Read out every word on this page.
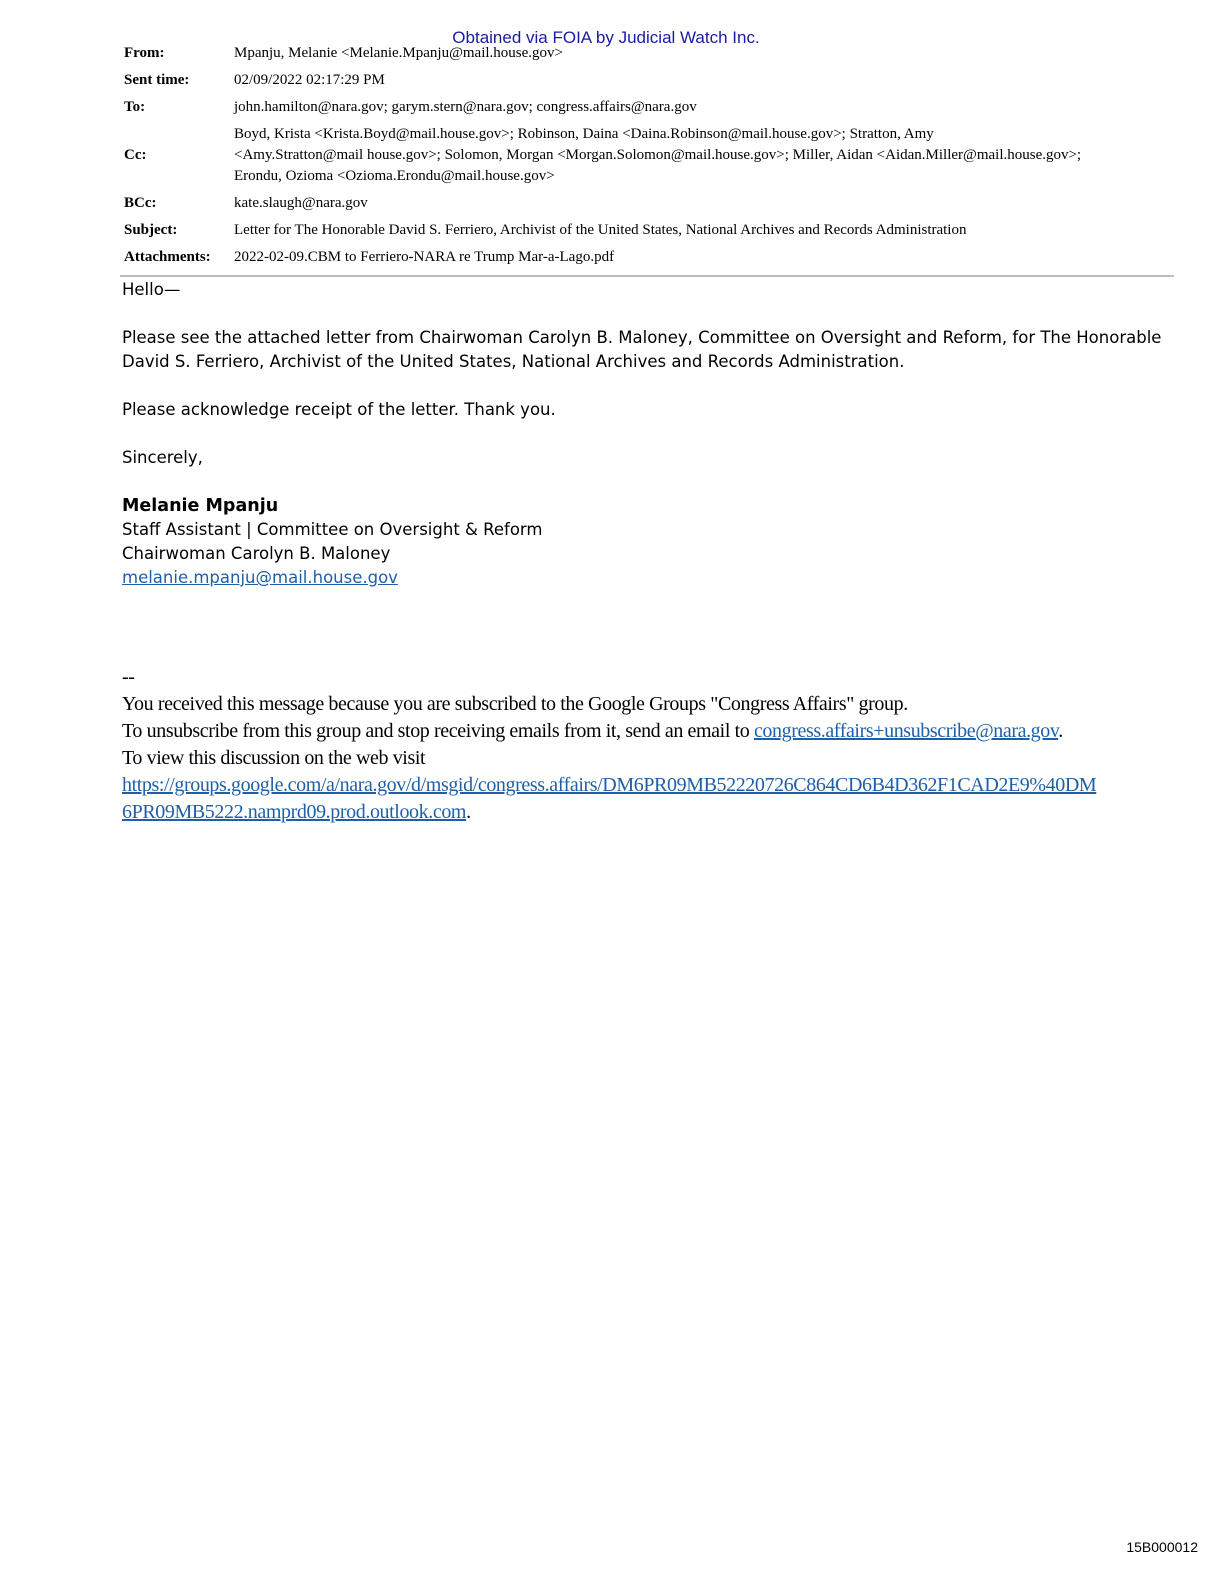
Obtained via FOIA by Judicial Watch Inc.
From:	Mpanju, Melanie <Melanie.Mpanju@mail.house.gov>
Sent time:	02/09/2022 02:17:29 PM
To:	john.hamilton@nara.gov; garym.stern@nara.gov; congress.affairs@nara.gov
Cc:	Boyd, Krista <Krista.Boyd@mail.house.gov>; Robinson, Daina <Daina.Robinson@mail.house.gov>; Stratton, Amy
<Amy.Stratton@mail house.gov>; Solomon, Morgan <Morgan.Solomon@mail.house.gov>; Miller, Aidan <Aidan.Miller@mail.house.gov>;
Erondu, Ozioma <Ozioma.Erondu@mail.house.gov>

BCc:	kate.slaugh@nara.gov
Subject:	Letter for The Honorable David S. Ferriero, Archivist of the United States, National Archives and Records Administration
Attachments:	2022-02-09.CBM to Ferriero-NARA re Trump Mar-a-Lago.pdf

Hello—

Please see the attached letter from Chairwoman Carolyn B. Maloney, Committee on Oversight and Reform, for The Honorable David S. Ferriero, Archivist of the United States, National Archives and Records Administration.

Please acknowledge receipt of the letter. Thank you.

Sincerely,

Melanie Mpanju

Staff Assistant | Committee on Oversight & Reform

Chairwoman Carolyn B. Maloney

melanie.mpanju@mail.house.gov

--

You received this message because you are subscribed to the Google Groups "Congress Affairs" group.

To unsubscribe from this group and stop receiving emails from it, send an email to congress.affairs+unsubscribe@nara.gov.

To view this discussion on the web visit

https://groups.google.com/a/nara.gov/d/msgid/congress.affairs/DM6PR09MB52220726C864CD6B4D362F1CAD2E9%40DM

6PR09MB5222.namprd09.prod.outlook.com.

15B000012
